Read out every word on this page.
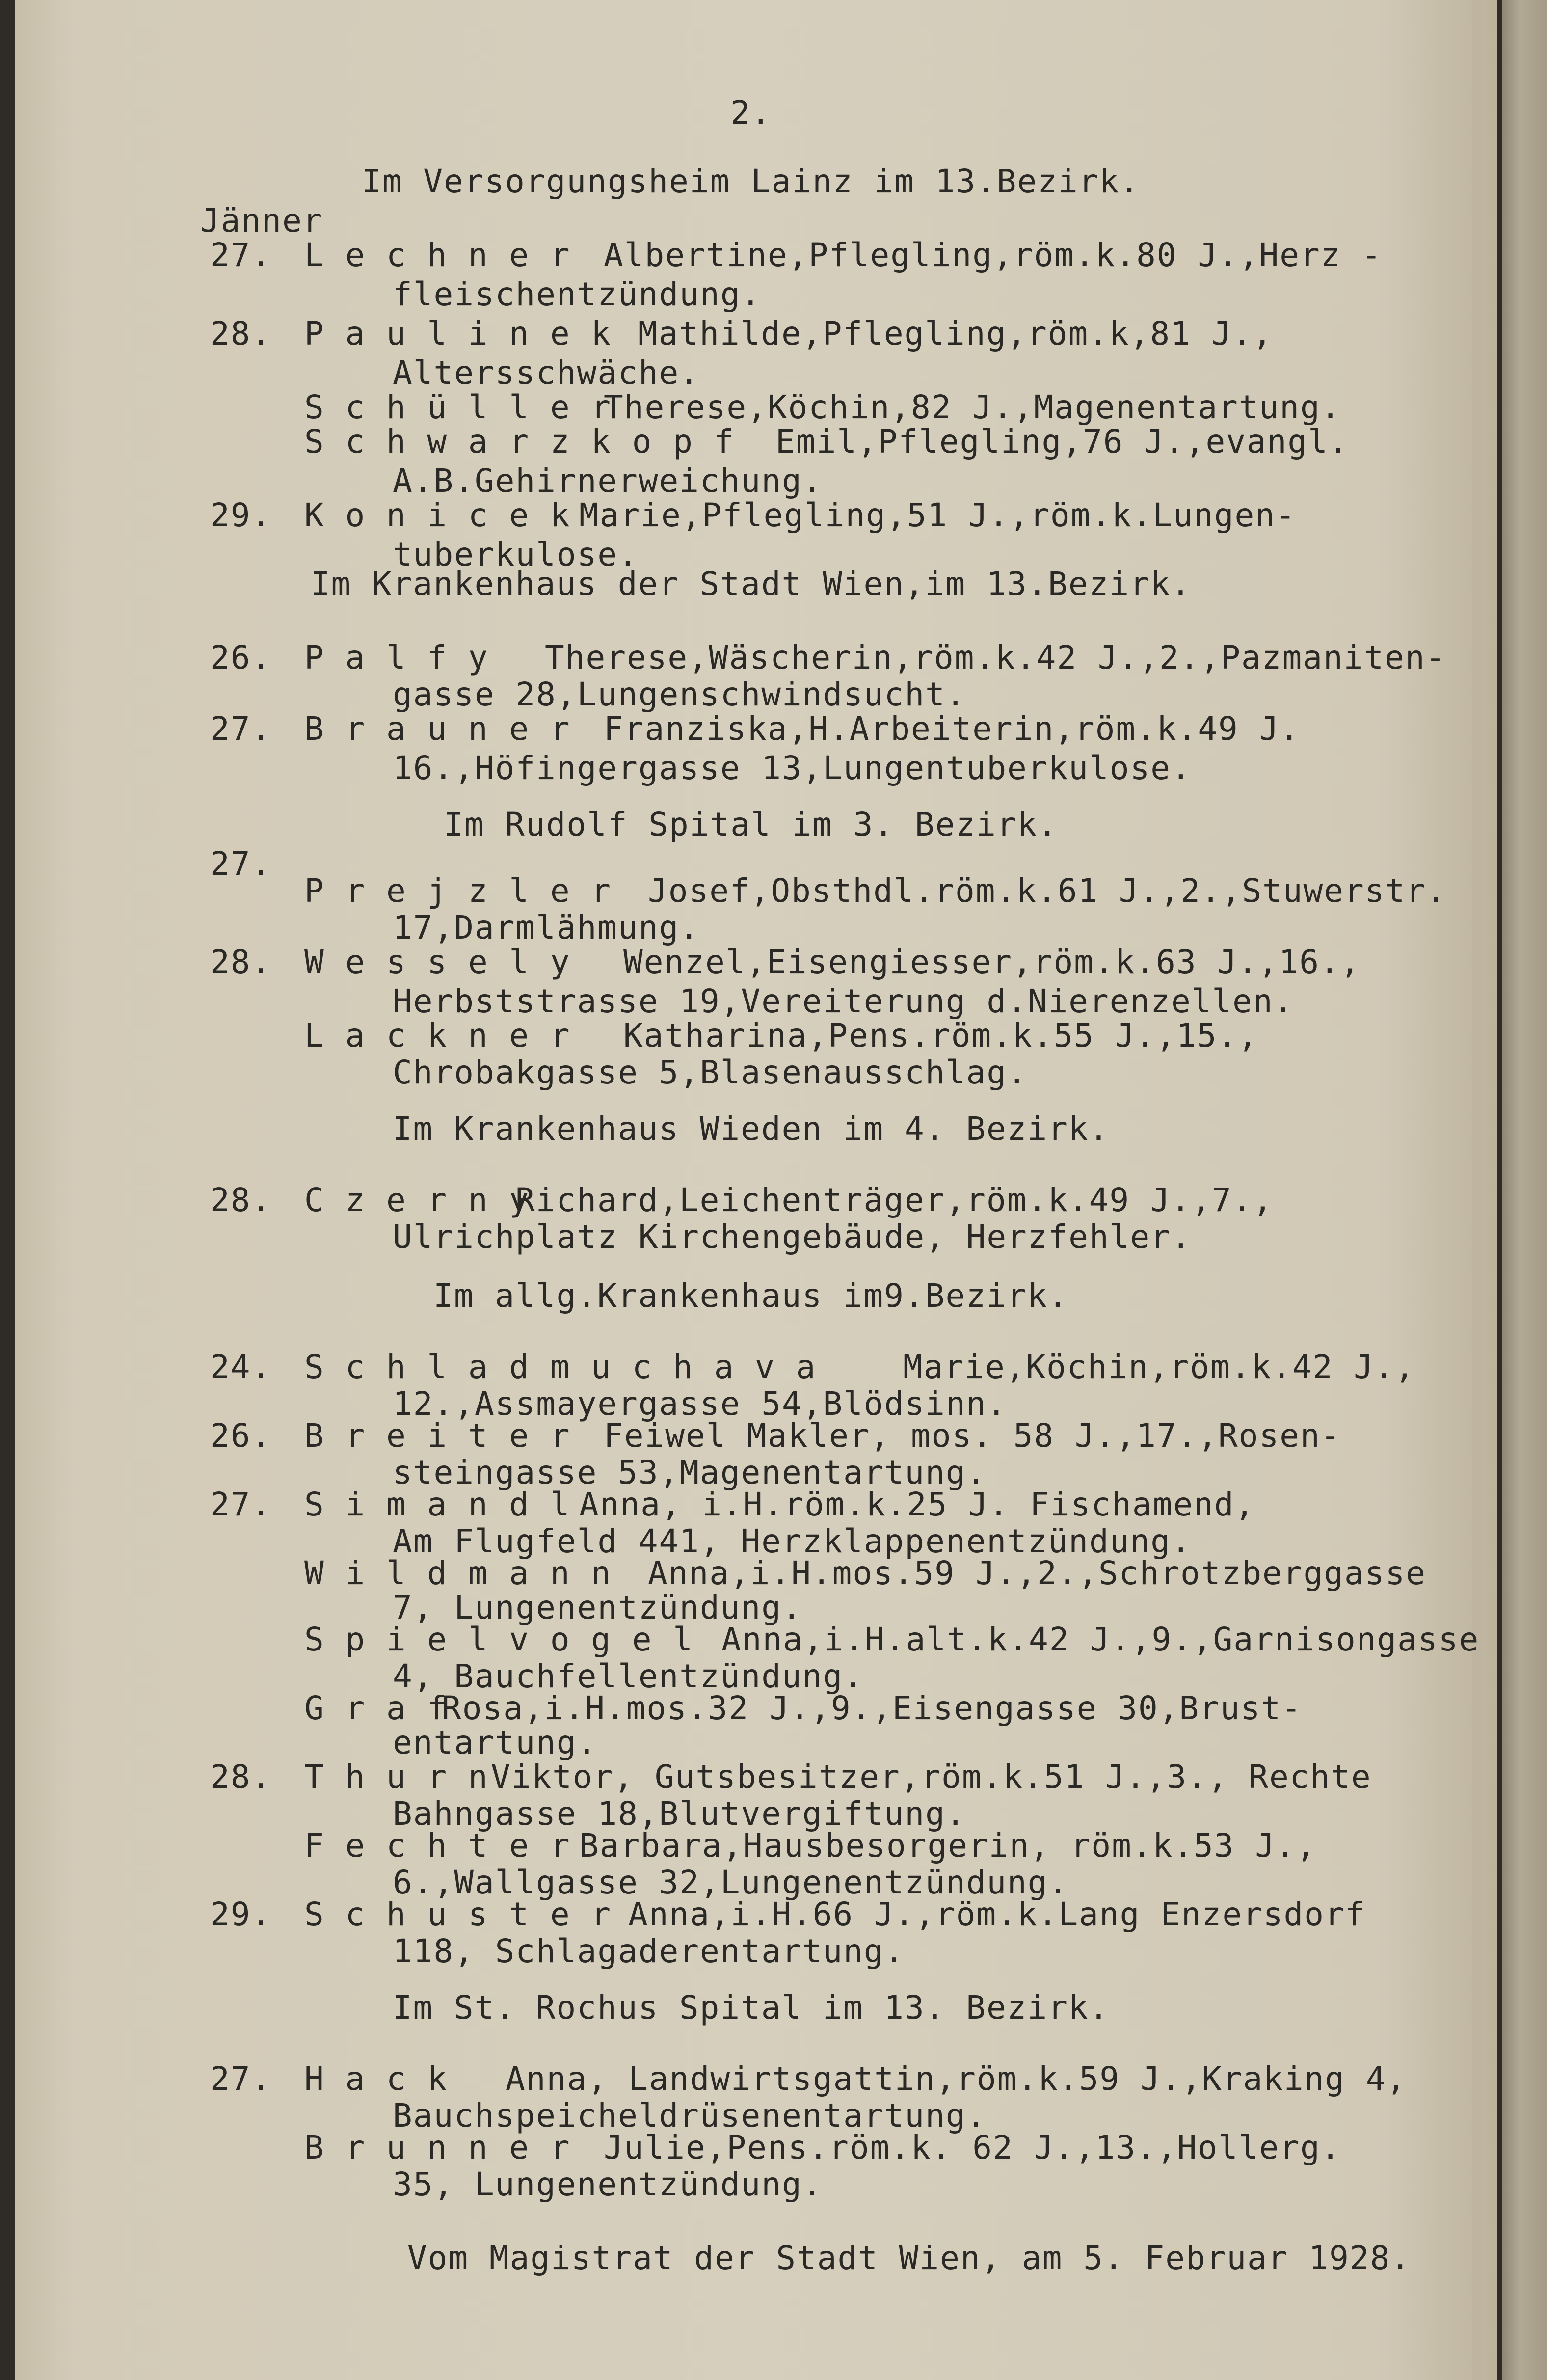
2.
Im Versorgungsheim Lainz im 13.Bezirk.
Jänner
27. L e c h n e r Albertine,Pflegling,röm.k.80 J.,Herz -
fleischentzündung.
28. P a u l i n e k Mathilde,Pflegling,röm.k,81 J.,
Altersschwäche.
S c h ü l l e r
Therese,Köchin,82 J.,Magenentartung.
S c h w a r z k o p f Emil,Pflegling,76 J.,evangl.
A.B.Gehirnerweichung.
29. K o n i c e k Marie,Pflegling,51 J.,röm.k.Lungen-
tuberkulose.
Im Krankenhaus der Stadt Wien,im 13.Bezirk.
26. P a l f y Therese,Wäscherin,röm.k.42 J.,2.,Pazmaniten-
gasse 28,Lungenschwindsucht.
27. B r a u n e r Franziska,H.Arbeiterin,röm.k.49 J.
16.,Höfingergasse 13,Lungentuberkulose.
Im Rudolf Spital im 3. Bezirk.
27.
P r e j z l e r Josef,Obsthdl.röm.k.61 J.,2.,Stuwerstr.
17,Darmlähmung.
28. W e s s e l y Wenzel,Eisengiesser,röm.k.63 J.,16.,
Herbststrasse 19,Vereiterung d.Nierenzellen.
L a c k n e r Katharina,Pens.röm.k.55 J.,15.,
Chrobakgasse 5,Blasenausschlag.
Im Krankenhaus Wieden im 4. Bezirk.
28. C z e r n y
Richard,Leichenträger,röm.k.49 J.,7.,
Ulrichplatz Kirchengebäude, Herzfehler.
Im allg.Krankenhaus im9.Bezirk.
24. S c h l a d m u c h a v a	Marie,Köchin,röm.k.42 J.,
12.,Assmayergasse 54,Blödsinn.
26. B r e i t e r Feiwel Makler, mos. 58 J.,17.,Rosen-
steingasse 53,Magenentartung.
27. S i m a n d l Anna, i.H.röm.k.25 J. Fischamend,
Am Flugfeld 441, Herzklappenentzündung.
W i l d m a n n Anna,i.H.mos.59 J.,2.,Schrotzberggasse
7, Lungenentzündung.
S p i e l v o g e l Anna,i.H.alt.k.42 J.,9.,Garnisongasse
4, Bauchfellentzündung.
G r a f
Rosa,i.H.mos.32 J.,9.,Eisengasse 30,Brust-
entartung.
28. T h u r n Viktor, Gutsbesitzer,röm.k.51 J.,3., Rechte
Bahngasse 18,Blutvergiftung.
F e c h t e r Barbara,Hausbesorgerin, röm.k.53 J.,
6.,Wallgasse 32,Lungenentzündung.
29. S c h u s t e r Anna,i.H.66 J.,röm.k.Lang Enzersdorf
118, Schlagaderentartung.
Im St. Rochus Spital im 13. Bezirk.
27. H a c k Anna, Landwirtsgattin,röm.k.59 J.,Kraking 4,
Bauchspeicheldrüsenentartung.
B r u n n e r Julie,Pens.röm.k. 62 J.,13.,Hollerg.
35, Lungenentzündung.
Vom Magistrat der Stadt Wien, am 5. Februar 1928.
